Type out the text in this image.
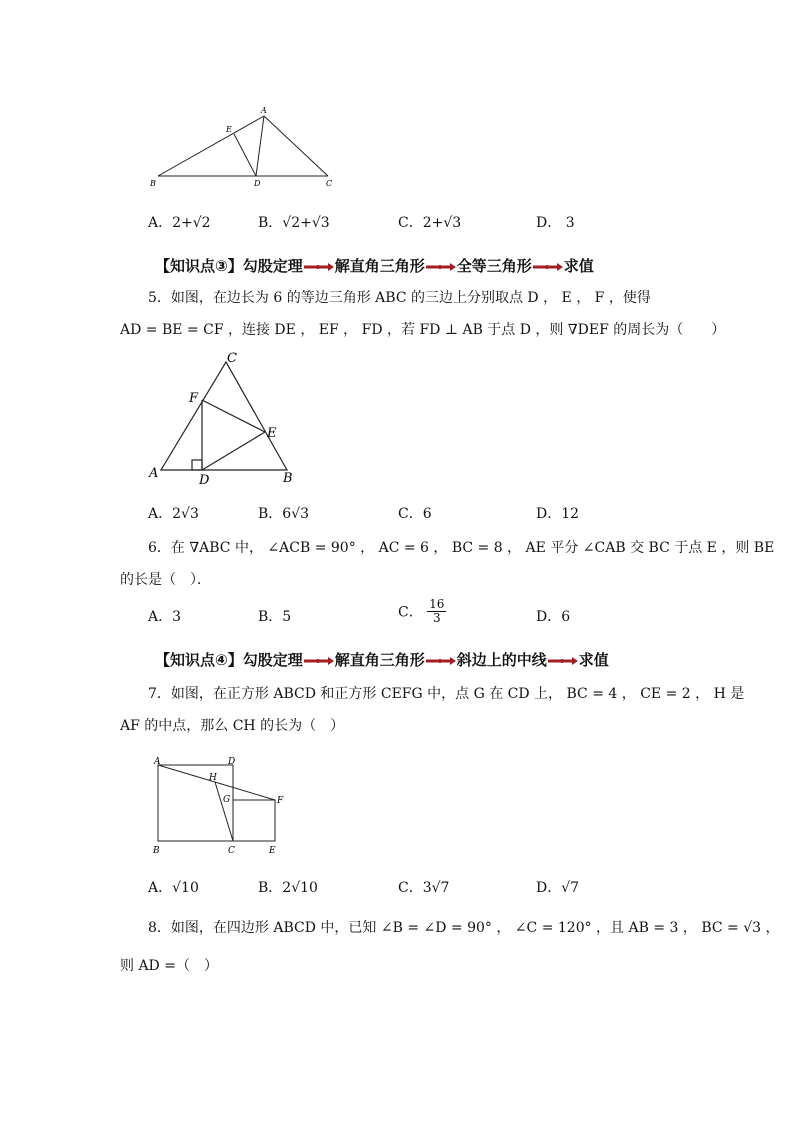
A
B	C
D
E
A．2+√2	B．√2+√3	C．2+√3	D． 3
【知识点③】勾股定理 解直角三角形 全等三角形 求值
5．如图，在边长为 6 的等边三角形 ABC 的三边上分别取点 D ， E ， F ，使得
AD = BE = CF ，连接 DE ， EF ， FD ，若 FD ⊥ AB 于点 D ，则 ∇DEF 的周长为（　　）
C
F
E
A	D	B
A．2√3	B．6√3	C．6	D．12
6．在 ∇ABC 中， ∠ACB = 90° ， AC = 6 ， BC = 8 ， AE 平分 ∠CAB 交 BC 于点 E ，则 BE
的长是（　）．
A．3	B．5	C． $\frac{16}{3}$	D．6
【知识点④】勾股定理 解直角三角形 斜边上的中线 求值
7．如图，在正方形 ABCD 和正方形 CEFG 中，点 G 在 CD 上， BC = 4 ， CE = 2 ， H 是
AF 的中点，那么 CH 的长为（　）
A	D
H
G	F
B	C	E
A．√10	B．2√10	C．3√7	D．√7
8．如图，在四边形 ABCD 中，已知 ∠B = ∠D = 90° ， ∠C = 120° ，且 AB = 3 ， BC = √3 ，
则 AD =（　）
